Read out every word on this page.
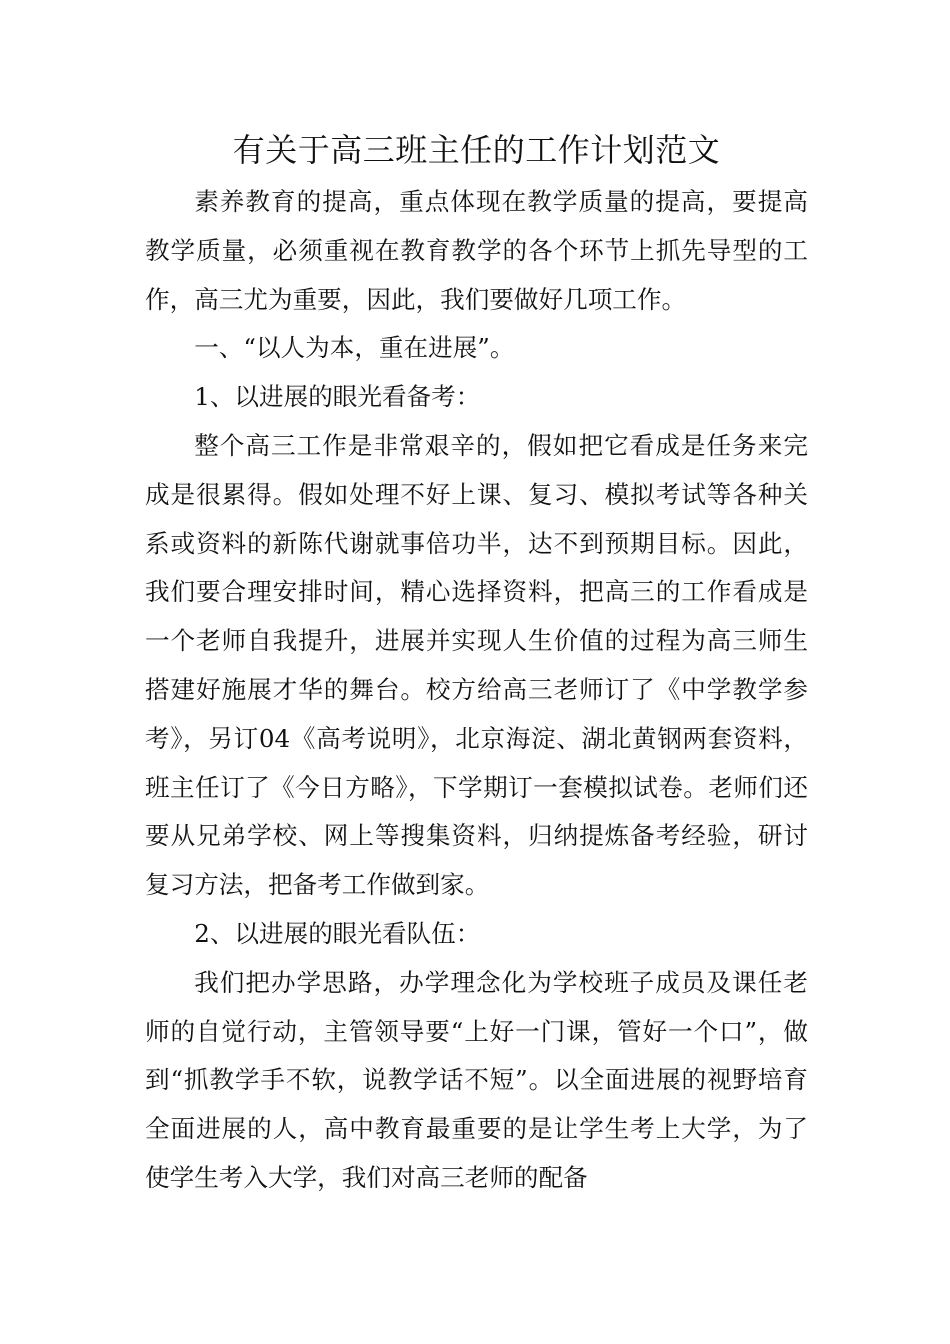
有关于高三班主任的工作计划范文

素养教育的提高，重点体现在教学质量的提高，要提高教学质量，必须重视在教育教学的各个环节上抓先导型的工作，高三尤为重要，因此，我们要做好几项工作。

一、“以人为本，重在进展”。

1、以进展的眼光看备考：

整个高三工作是非常艰辛的，假如把它看成是任务来完成是很累得。假如处理不好上课、复习、模拟考试等各种关系或资料的新陈代谢就事倍功半，达不到预期目标。因此，我们要合理安排时间，精心选择资料，把高三的工作看成是一个老师自我提升，进展并实现人生价值的过程为高三师生搭建好施展才华的舞台。校方给高三老师订了《中学教学参考》，另订04《高考说明》，北京海淀、湖北黄钢两套资料，班主任订了《今日方略》，下学期订一套模拟试卷。老师们还要从兄弟学校、网上等搜集资料，归纳提炼备考经验，研讨复习方法，把备考工作做到家。

2、以进展的眼光看队伍：

我们把办学思路，办学理念化为学校班子成员及课任老师的自觉行动，主管领导要“上好一门课，管好一个口”，做到“抓教学手不软，说教学话不短”。以全面进展的视野培育全面进展的人，高中教育最重要的是让学生考上大学，为了使学生考入大学，我们对高三老师的配备
